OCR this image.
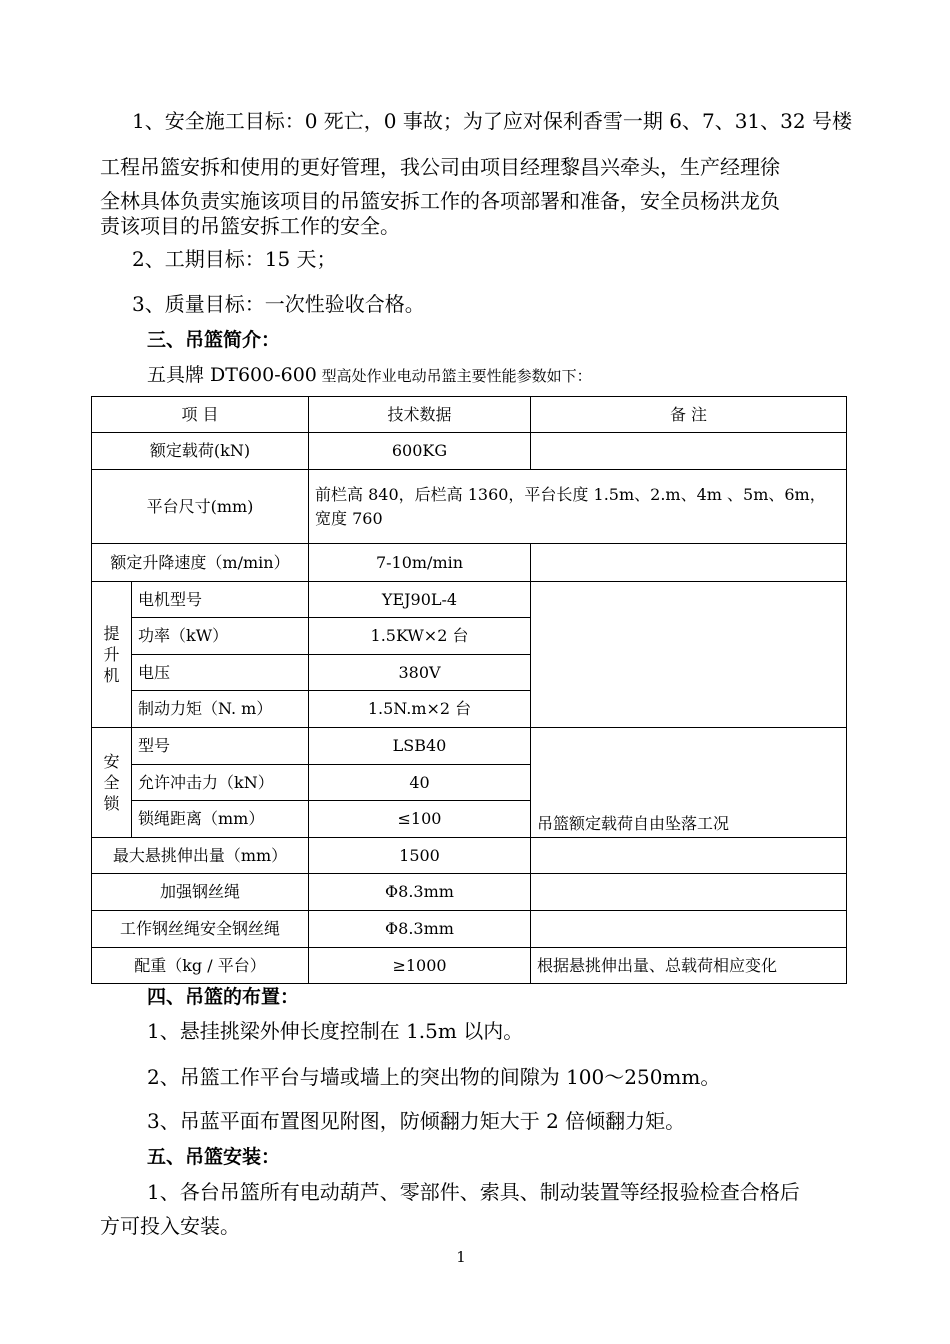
1、安全施工目标：0 死亡，0 事故；为了应对保利香雪一期 6、7、31、32 号楼
工程吊篮安拆和使用的更好管理，我公司由项目经理黎昌兴牵头，生产经理徐
全林具体负责实施该项目的吊篮安拆工作的各项部署和准备，安全员杨洪龙负
责该项目的吊篮安拆工作的安全。
2、工期目标：15 天；
3、质量目标：一次性验收合格。
三、吊篮简介：
五具牌 DT600-600 型高处作业电动吊篮主要性能参数如下：
项 目		技术数据	备 注
额定载荷(kN)		600KG	
平台尺寸(mm)		前栏高 840，后栏高 1360，平台长度 1.5m、2.m、4m 、5m、6m，宽度 760	
额定升降速度（m/min）		7-10m/min	

提
升
机	电机型号	YEJ90L-4	
	功率（kW）	1.5KW×2 台	
	电压	380V	
	制动力矩（N. m）	1.5N.m×2 台	

安
全
锁	型号	LSB40	吊篮额定载荷自由坠落工况
	允许冲击力（kN）	40	
	锁绳距离（mm）	≤100	
最大悬挑伸出量（mm）		1500	
加强钢丝绳		Φ8.3mm	
工作钢丝绳安全钢丝绳		Φ8.3mm	
配重（kg / 平台）		≥1000	根据悬挑伸出量、总载荷相应变化
四、吊篮的布置：
1、悬挂挑梁外伸长度控制在 1.5m 以内。
2、吊篮工作平台与墙或墙上的突出物的间隙为 100～250mm。
3、吊蓝平面布置图见附图，防倾翻力矩大于 2 倍倾翻力矩。
五、吊篮安装：
1、各台吊篮所有电动葫芦、零部件、索具、制动装置等经报验检查合格后
方可投入安装。
1
